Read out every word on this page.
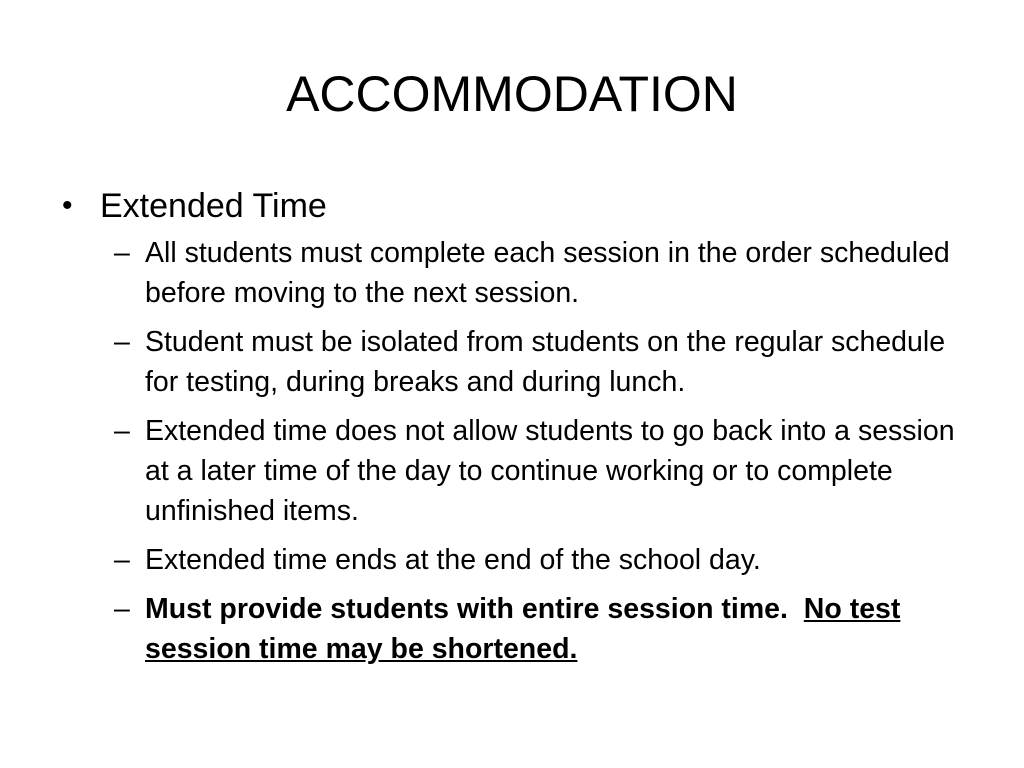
ACCOMMODATION
• Extended Time
– All students must complete each session in the order scheduled before moving to the next session.
– Student must be isolated from students on the regular schedule for testing, during breaks and during lunch.
– Extended time does not allow students to go back into a session at a later time of the day to continue working or to complete unfinished items.
– Extended time ends at the end of the school day.
– Must provide students with entire session time. No test session time may be shortened.
